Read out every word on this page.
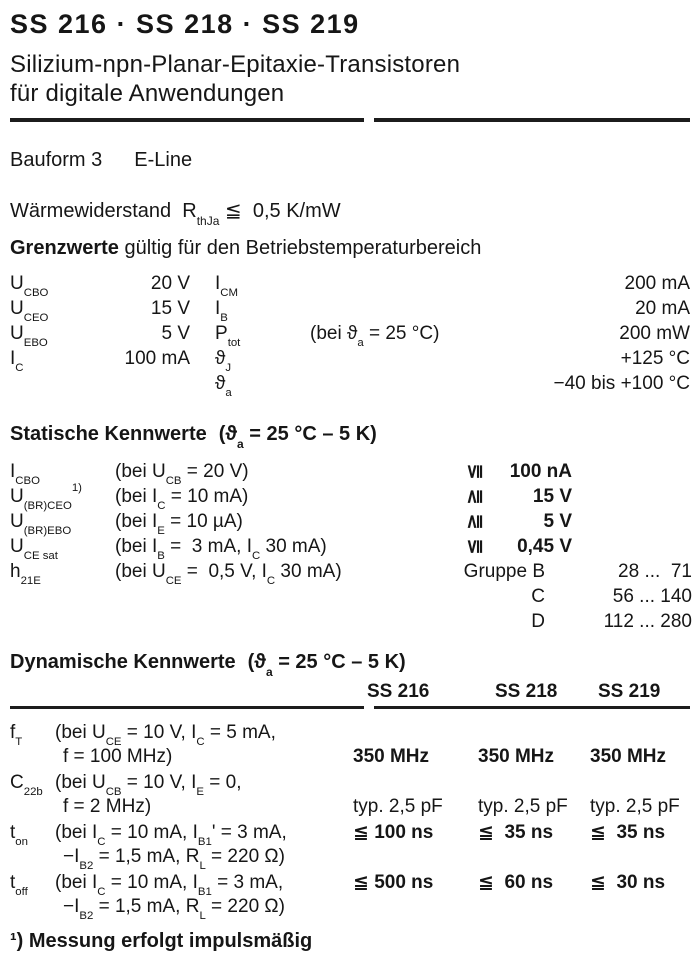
SS 216 · SS 218 · SS 219
Silizium-npn-Planar-Epitaxie-Transistoren
für digitale Anwendungen
Bauform 3 E-Line
Wärmewiderstand  $R_{thJa}$ ≦  0,5 K/mW
Grenzwerte gültig für den Betriebstemperaturbereich
$U_{CBO}$	20 V	$I_{CM}$	200 mA
$U_{CEO}$	15 V	$I_B$	20 mA
$U_{EBO}$	5 V	$P_{tot}$	(bei $ϑ_a = 25$ °C)	200 mW
$I_C$	100 mA	$ϑ_J$	+125 °C
$ϑ_a$	−40 bis +100 °C
Statische Kennwerte ($ϑ_a = 25$ °C – 5 K)
$I_{CBO}$	(bei $U_{CB} = 20$ V)	≦	100 nA
$U_{(BR)CEO}^{1)}$	(bei $I_C = 10$ mA)	≧	15 V
$U_{(BR)EBO}$	(bei $I_E = 10$ µA)	≧	5 V
$U_{CE sat}$	(bei $I_B = 3$ mA, $I_C$ 30 mA)	≦	0,45 V
$h_{21E}$	(bei $U_{CE} = 0,5$ V, $I_C$ 30 mA)	Gruppe B	28 ...  71
C	56 ... 140
D	112 ... 280
Dynamische Kennwerte ($ϑ_a = 25$ °C – 5 K)
SS 216	SS 218	SS 219
$f_T$	(bei $U_{CE} = 10$ V, $I_C = 5$ mA,
f = 100 MHz)	350 MHz	350 MHz	350 MHz
$C_{22b}$ (bei $U_{CB} = 10$ V, $I_E = 0$,
f = 2 MHz)	typ. 2,5 pF	typ. 2,5 pF	typ. 2,5 pF
$t_{on}$	(bei $I_C = 10$ mA, $I_{B1}' = 3$ mA,
$-I_{B2} = 1,5$ mA, $R_L = 220$ Ω)
≦ 100 ns	≦  35 ns	≦  35 ns
$t_{off}$	(bei $I_C = 10$ mA, $I_{B1} = 3$ mA,
$-I_{B2} = 1,5$ mA, $R_L = 220$ Ω)
≦ 500 ns	≦  60 ns	≦  30 ns
¹) Messung erfolgt impulsmäßig
